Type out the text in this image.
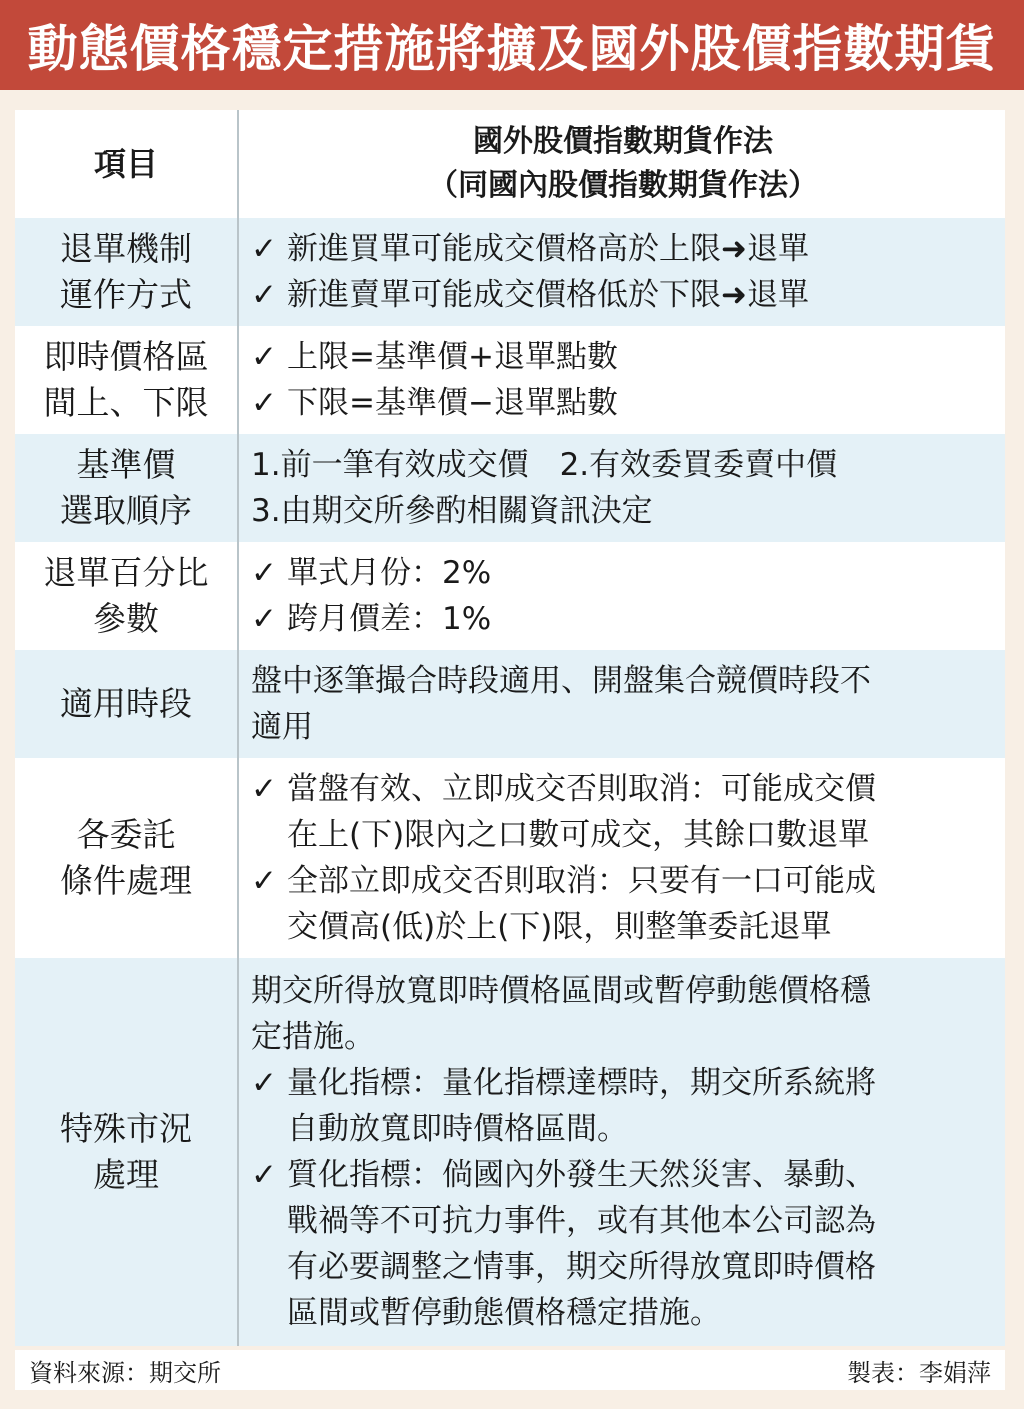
動態價格穩定措施將擴及國外股價指數期貨
項目
國外股價指數期貨作法
（同國內股價指數期貨作法）
退單機制
運作方式
✓ 新進買單可能成交價格高於上限➜退單
✓ 新進賣單可能成交價格低於下限➜退單
即時價格區
間上、下限
✓ 上限=基準價+退單點數
✓ 下限=基準價−退單點數
基準價
選取順序
1.前一筆有效成交價　2.有效委買委賣中價
3.由期交所參酌相關資訊決定
退單百分比
參數
✓ 單式月份：2%
✓ 跨月價差：1%
適用時段
盤中逐筆撮合時段適用、開盤集合競價時段不
適用
各委託
條件處理
✓ 當盤有效、立即成交否則取消：可能成交價
在上(下)限內之口數可成交，其餘口數退單
✓ 全部立即成交否則取消：只要有一口可能成
交價高(低)於上(下)限，則整筆委託退單
特殊市況
處理
期交所得放寬即時價格區間或暫停動態價格穩
定措施。
✓ 量化指標：量化指標達標時，期交所系統將
自動放寬即時價格區間。
✓ 質化指標：倘國內外發生天然災害、暴動、
戰禍等不可抗力事件，或有其他本公司認為
有必要調整之情事，期交所得放寬即時價格
區間或暫停動態價格穩定措施。
資料來源：期交所	製表：李娟萍
